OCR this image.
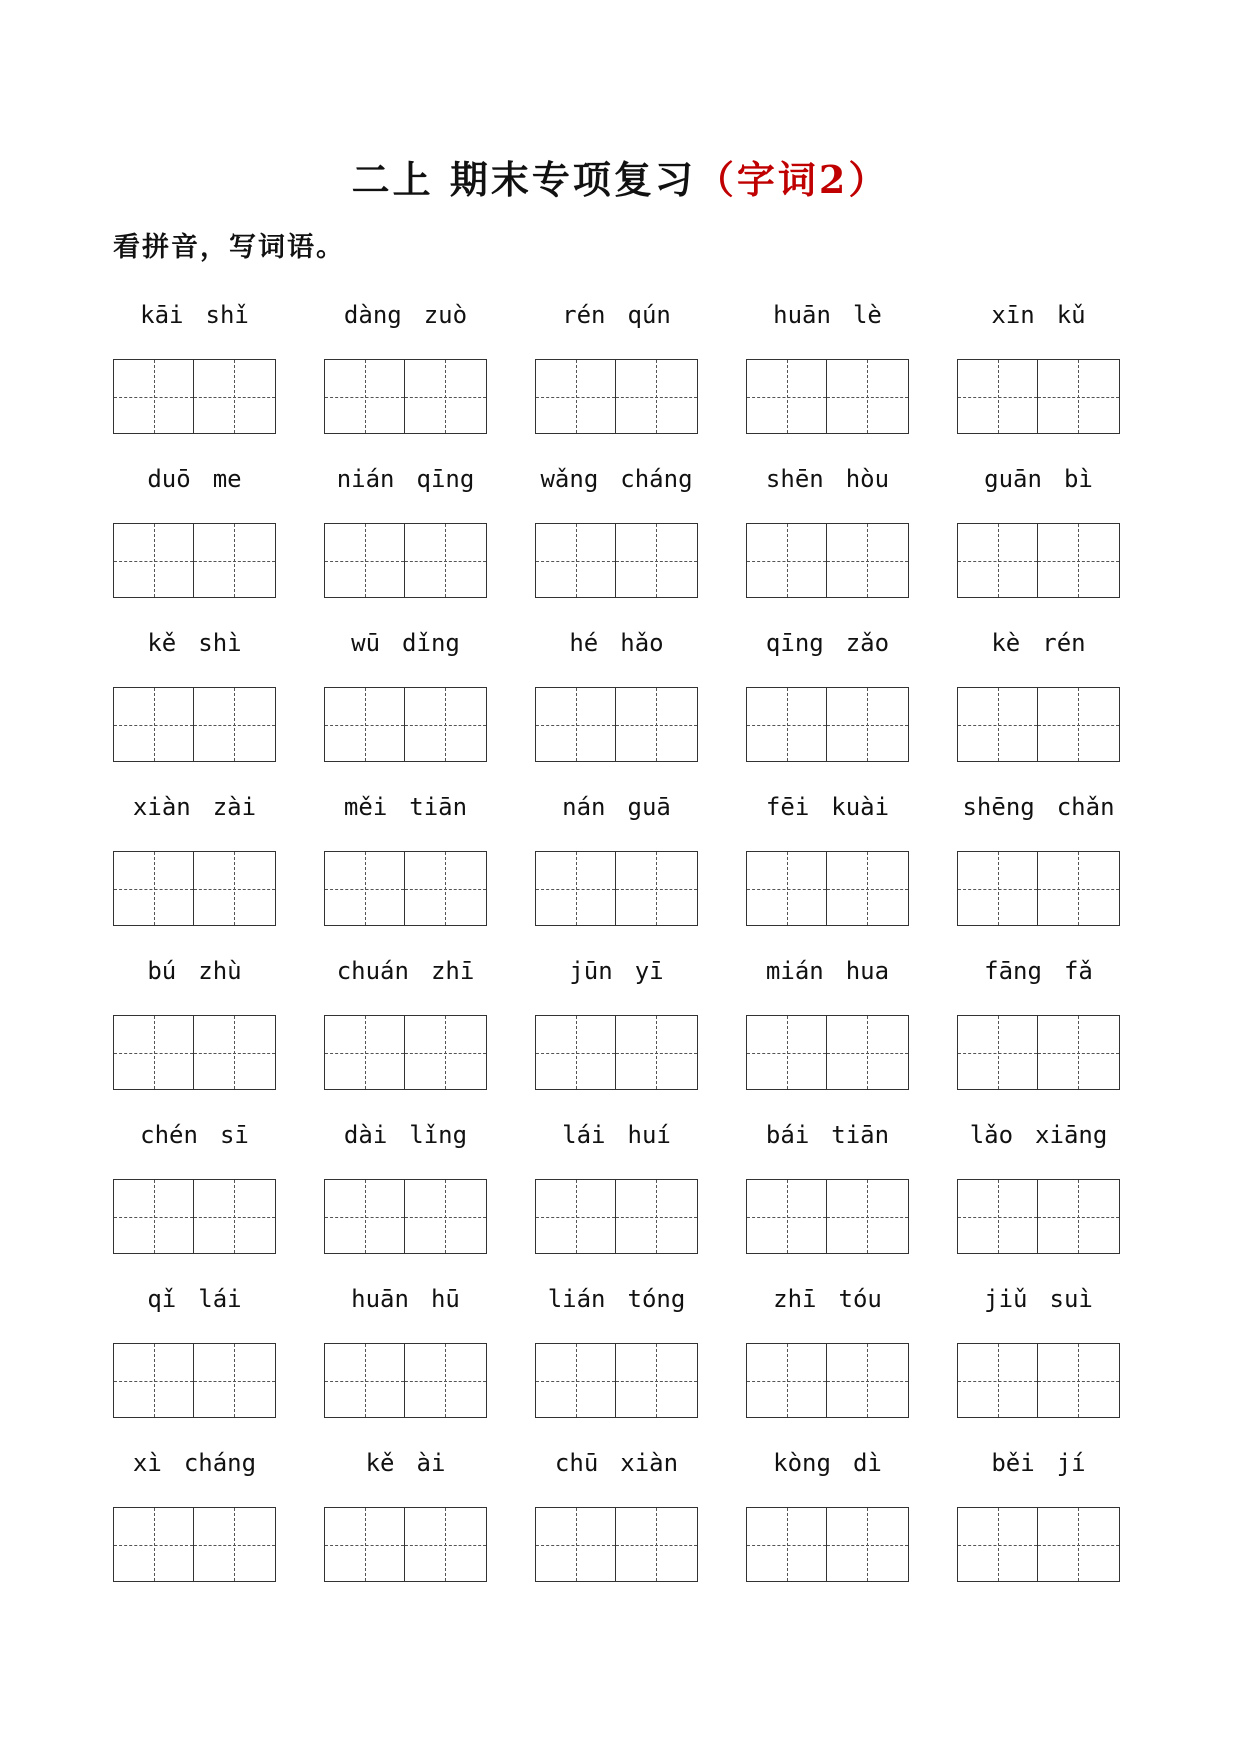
二上 期末专项复习（字词2）
看拼音，写词语。
kāi shǐ	dàng zuò	rén qún	huān lè	xīn kǔ
duō me	nián qīng	wǎng cháng	shēn hòu	guān bì
kě shì	wū dǐng	hé hǎo	qīng zǎo	kè rén
xiàn zài	měi tiān	nán guā	fēi kuài	shēng chǎn
bú zhù	chuán zhī	jūn yī	mián hua	fāng fǎ
chén sī	dài lǐng	lái huí	bái tiān	lǎo xiāng
qǐ lái	huān hū	lián tóng	zhī tóu	jiǔ suì
xì cháng	kě ài	chū xiàn	kòng dì	běi jí
